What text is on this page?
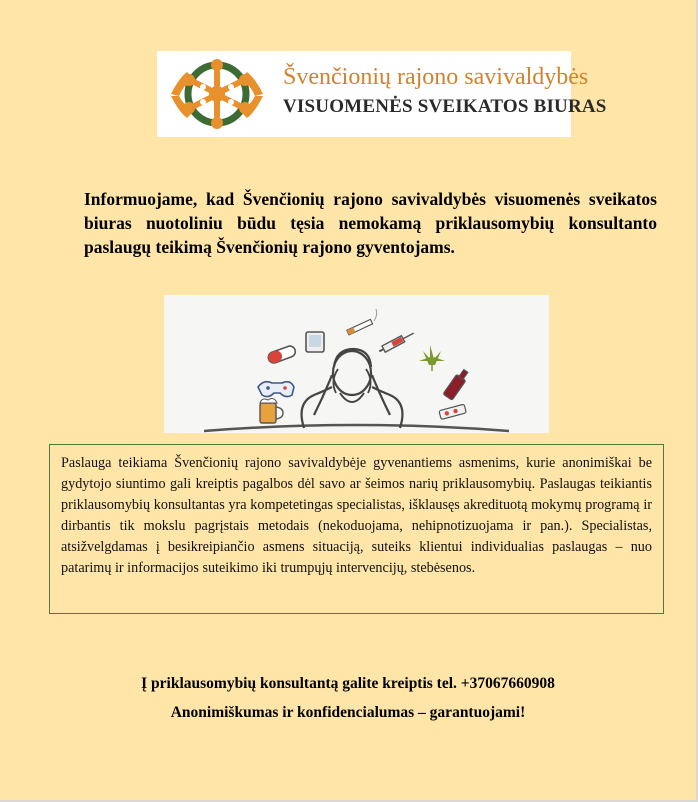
Švenčionių rajono savivaldybės
VISUOMENĖS SVEIKATOS BIURAS
Informuojame, kad Švenčionių rajono savivaldybės visuomenės sveikatos biuras nuotoliniu būdu tęsia nemokamą priklausomybių konsultanto paslaugų teikimą Švenčionių rajono gyventojams.
Paslauga teikiama Švenčionių rajono savivaldybėje gyvenantiems asmenims, kurie anonimiškai be gydytojo siuntimo gali kreiptis pagalbos dėl savo ar šeimos narių priklausomybių. Paslaugas teikiantis priklausomybių konsultantas yra kompetetingas specialistas, išklausęs akredituotą mokymų programą ir dirbantis tik mokslu pagrįstais metodais (nekoduojama, nehipnotizuojama ir pan.). Specialistas, atsižvelgdamas į besikreipiančio asmens situaciją, suteiks klientui individualias paslaugas – nuo patarimų ir informacijos suteikimo iki trumpųjų intervencijų, stebėsenos.
Į priklausomybių konsultantą galite kreiptis tel. +37067660908
Anonimiškumas ir konfidencialumas – garantuojami!
